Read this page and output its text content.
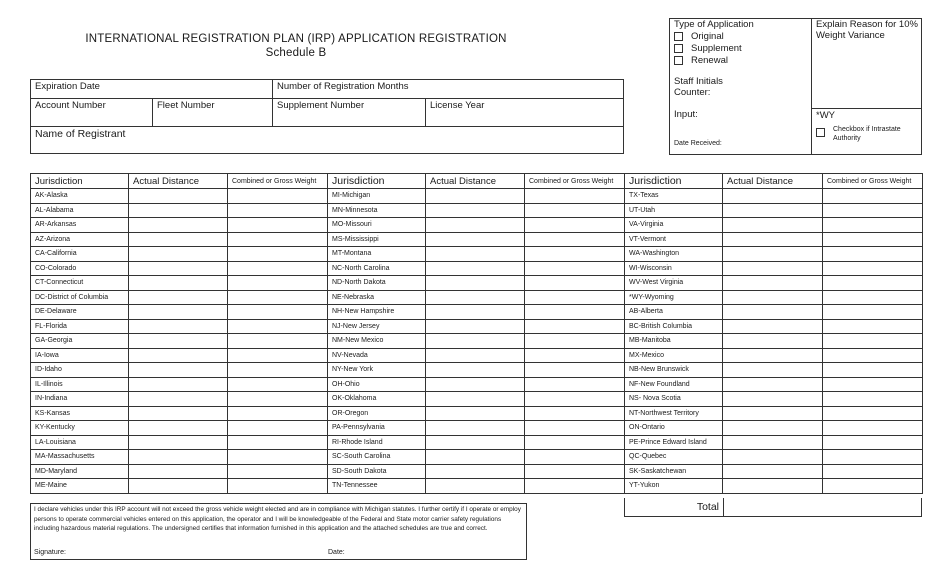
INTERNATIONAL REGISTRATION PLAN (IRP) APPLICATION REGISTRATION
Schedule B
Expiration Date	Number of Registration Months
Account Number	Fleet Number	Supplement Number	License Year
Name of Registrant
Type of Application
Original
Supplement
Renewal
Staff Initials
Counter:
Input:
Date Received:
Explain Reason for 10% Weight Variance
*WY
Checkbox if Intrastate Authority
Jurisdiction	Actual Distance	Combined or Gross Weight	Jurisdiction	Actual Distance	Combined or Gross Weight	Jurisdiction	Actual Distance	Combined or Gross Weight
AK-Alaska			MI-Michigan			TX-Texas		
AL-Alabama			MN-Minnesota			UT-Utah		
AR-Arkansas			MO-Missouri			VA-Virginia		
AZ-Arizona			MS-Mississippi			VT-Vermont		
CA-California			MT-Montana			WA-Washington		
CO-Colorado			NC-North Carolina			WI-Wisconsin		
CT-Connecticut			ND-North Dakota			WV-West Virginia		
DC-District of Columbia			NE-Nebraska			*WY-Wyoming		
DE-Delaware			NH-New Hampshire			AB-Alberta		
FL-Florida			NJ-New Jersey			BC-British Columbia		
GA-Georgia			NM-New Mexico			MB-Manitoba		
IA-Iowa			NV-Nevada			MX-Mexico		
ID-Idaho			NY-New York			NB-New Brunswick		
IL-Illinois			OH-Ohio			NF-New Foundland		
IN-Indiana			OK-Oklahoma			NS- Nova Scotia		
KS-Kansas			OR-Oregon			NT-Northwest Territory		
KY-Kentucky			PA-Pennsylvania			ON-Ontario		
LA-Louisiana			RI-Rhode Island			PE-Prince Edward Island		
MA-Massachusetts			SC-South Carolina			QC-Quebec		
MD-Maryland			SD-South Dakota			SK-Saskatchewan		
ME-Maine			TN-Tennessee			YT-Yukon		
Total
I declare vehicles under this IRP account will not exceed the gross vehicle weight elected and are in compliance with Michigan statutes. I further certify if I operate or employ persons to operate commercial vehicles entered on this application, the operator and I will be knowledgeable of the Federal and State motor carrier safety regulations including hazardous material regulations. The undersigned certifies that information furnished in this application and the attached schedules are true and correct.
Signature:	Date:
